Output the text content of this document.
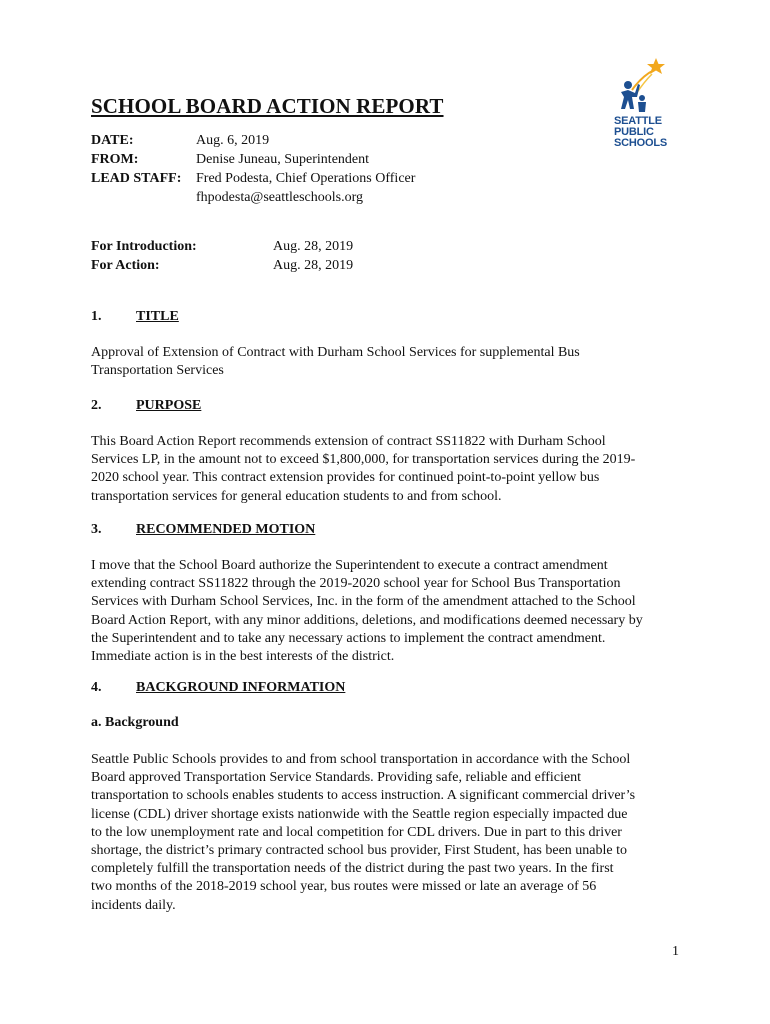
SCHOOL BOARD ACTION REPORT
SEATTLE
PUBLIC
SCHOOLS
DATE:	Aug. 6, 2019
FROM:	Denise Juneau, Superintendent
LEAD STAFF:	Fred Podesta, Chief Operations Officer
fhpodesta@seattleschools.org
For Introduction:	Aug. 28, 2019
For Action:	Aug. 28, 2019
1. TITLE
Approval of Extension of Contract with Durham School Services for supplemental Bus
Transportation Services
2. PURPOSE
This Board Action Report recommends extension of contract SS11822 with Durham School
Services LP, in the amount not to exceed $1,800,000, for transportation services during the 2019-
2020 school year. This contract extension provides for continued point-to-point yellow bus
transportation services for general education students to and from school.
3. RECOMMENDED MOTION
I move that the School Board authorize the Superintendent to execute a contract amendment
extending contract SS11822 through the 2019-2020 school year for School Bus Transportation
Services with Durham School Services, Inc. in the form of the amendment attached to the School
Board Action Report, with any minor additions, deletions, and modifications deemed necessary by
the Superintendent and to take any necessary actions to implement the contract amendment.
Immediate action is in the best interests of the district.
4. BACKGROUND INFORMATION
a. Background
Seattle Public Schools provides to and from school transportation in accordance with the School
Board approved Transportation Service Standards. Providing safe, reliable and efficient
transportation to schools enables students to access instruction. A significant commercial driver’s
license (CDL) driver shortage exists nationwide with the Seattle region especially impacted due
to the low unemployment rate and local competition for CDL drivers. Due in part to this driver
shortage, the district’s primary contracted school bus provider, First Student, has been unable to
completely fulfill the transportation needs of the district during the past two years. In the first
two months of the 2018-2019 school year, bus routes were missed or late an average of 56
incidents daily.
1
